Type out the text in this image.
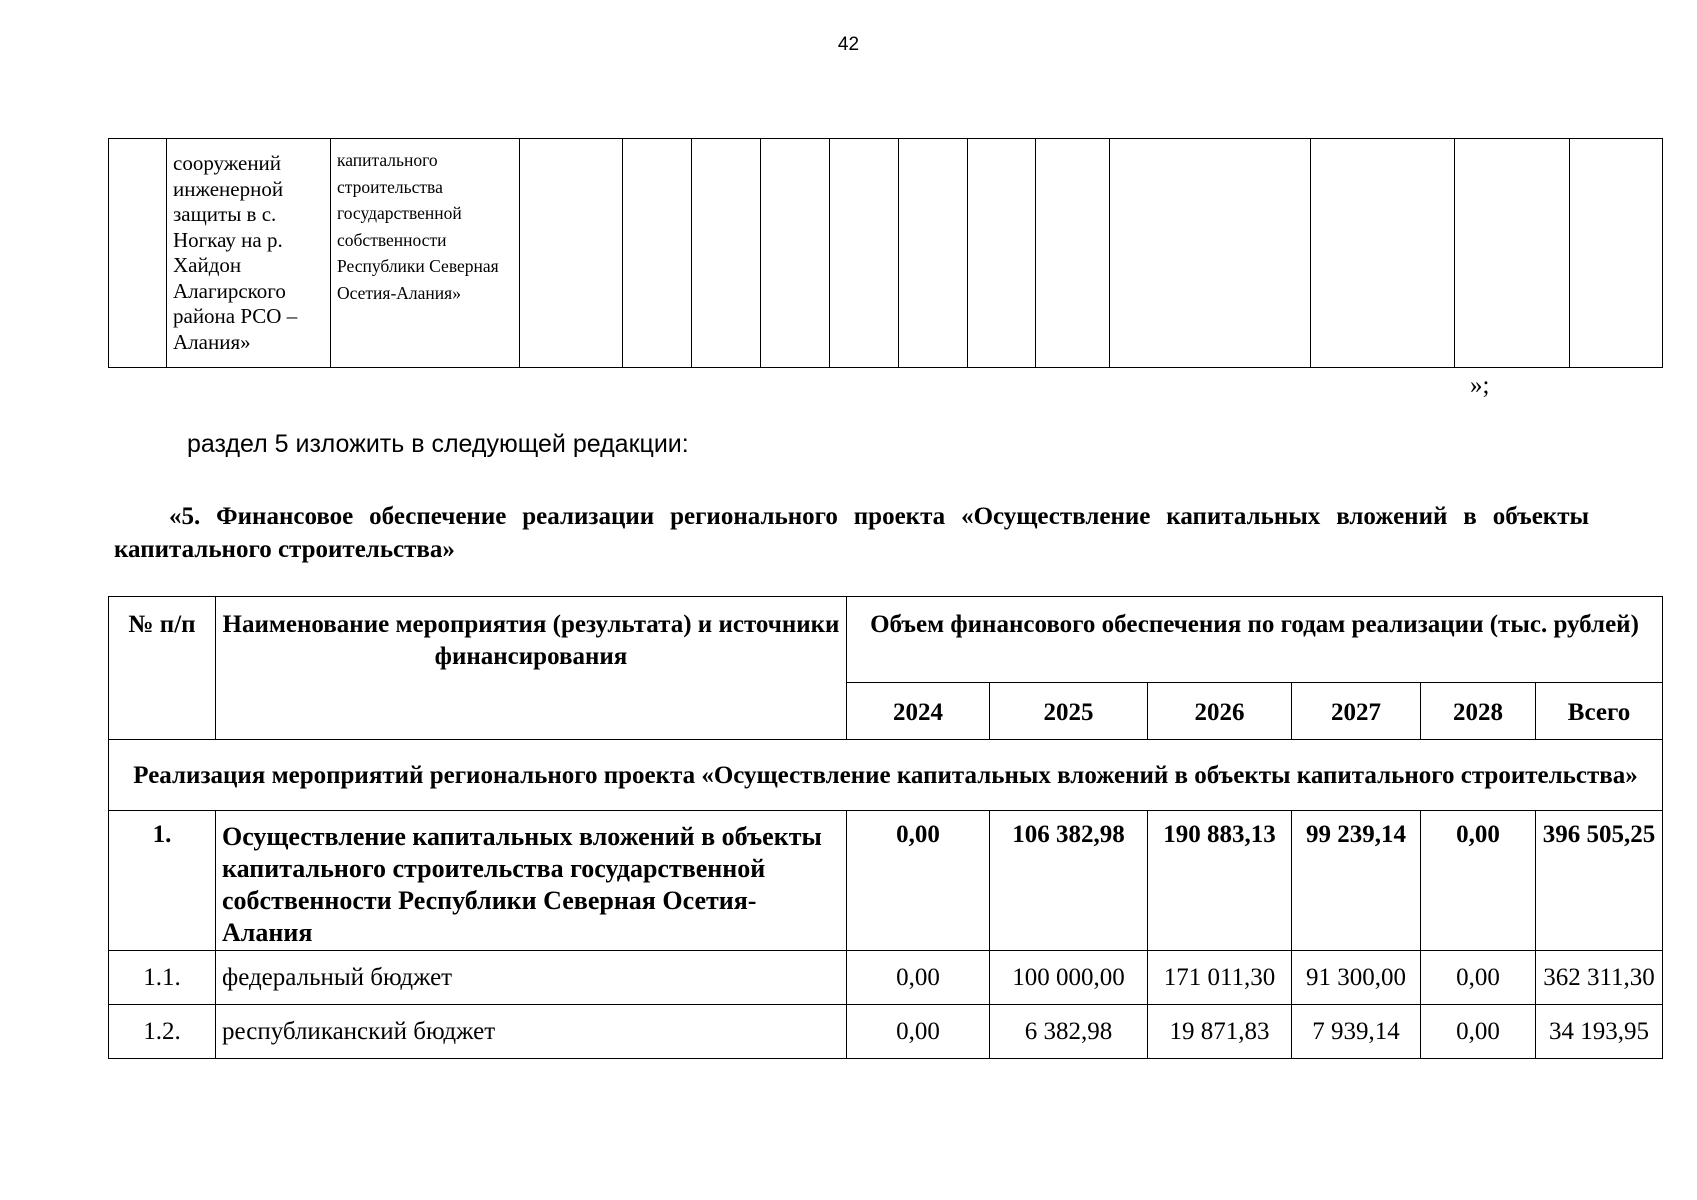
42
	сооружений инженерной защиты в с. Ногкау на р. Хайдон Алагирского района РСО – Алания»	капитального строительства государственной собственности Республики Северная Осетия-Алания»												
»;
раздел 5 изложить в следующей редакции:
«5. Финансовое обеспечение реализации регионального проекта «Осуществление капитальных вложений в объекты капитального строительства»
№ п/п	Наименование мероприятия (результата) и источники финансирования	Объем финансового обеспечения по годам реализации (тыс. рублей)					
		2024	2025	2026	2027	2028	Всего
Реализация мероприятий регионального проекта «Осуществление капитальных вложений в объекты капитального строительства»							
1.	Осуществление капитальных вложений в объекты капитального строительства государственной собственности Республики Северная Осетия-Алания	0,00	106 382,98	190 883,13	99 239,14	0,00	396 505,25
1.1.	федеральный бюджет	0,00	100 000,00	171 011,30	91 300,00	0,00	362 311,30
1.2.	республиканский бюджет	0,00	6 382,98	19 871,83	7 939,14	0,00	34 193,95
